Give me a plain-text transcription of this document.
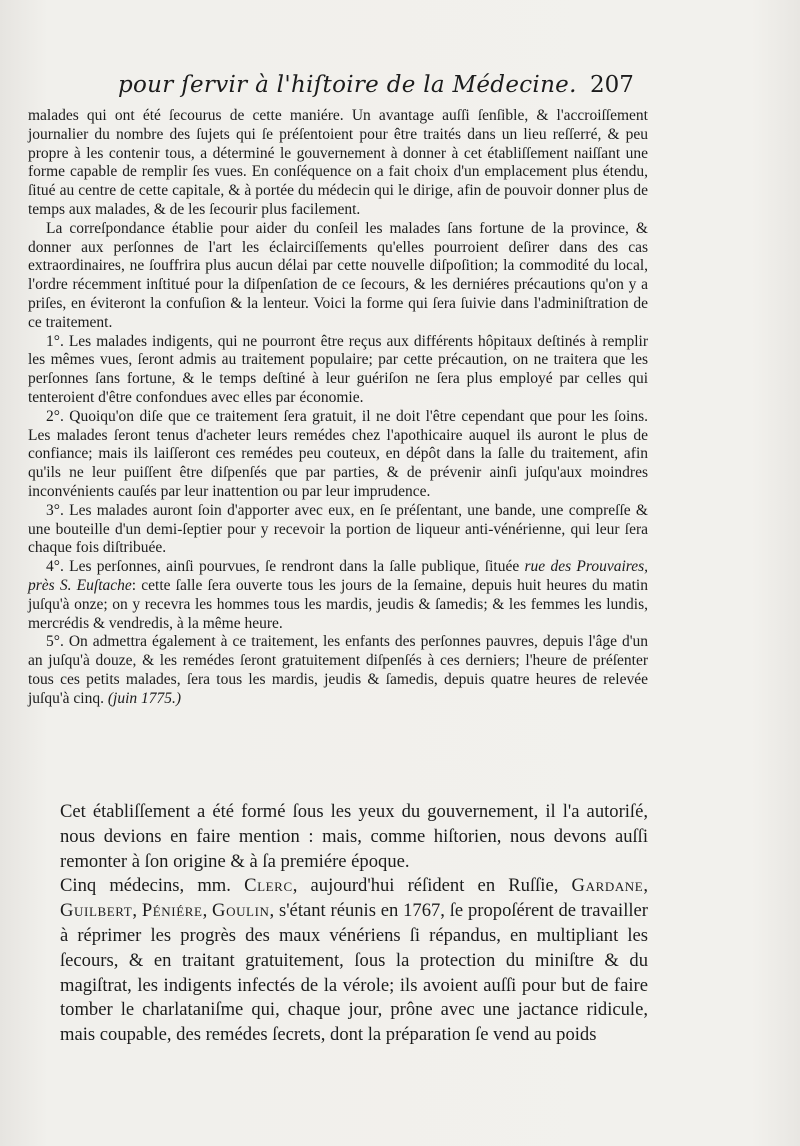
pour ſervir à l'hiſtoire de la Médecine. 207

malades qui ont été ſecourus de cette maniére. Un avantage auſſi ſenſible, & l'accroiſſement journalier du nombre des ſujets qui ſe préſentoient pour être traités dans un lieu reſſerré, & peu propre à les contenir tous, a déterminé le gouvernement à donner à cet établiſſement naiſſant une forme capable de remplir ſes vues. En conſéquence on a fait choix d'un emplacement plus étendu, ſitué au centre de cette capitale, & à portée du médecin qui le dirige, afin de pouvoir donner plus de temps aux malades, & de les ſecourir plus facilement.

La correſpondance établie pour aider du conſeil les malades ſans fortune de la province, & donner aux perſonnes de l'art les éclairciſſements qu'elles pourroient deſirer dans des cas extraordinaires, ne ſouffrira plus aucun délai par cette nouvelle diſpoſition; la commodité du local, l'ordre récemment inſtitué pour la diſpenſation de ce ſecours, & les derniéres précautions qu'on y a priſes, en éviteront la confuſion & la lenteur. Voici la forme qui ſera ſuivie dans l'adminiſtration de ce traitement.

1°. Les malades indigents, qui ne pourront être reçus aux différents hôpitaux deſtinés à remplir les mêmes vues, ſeront admis au traitement populaire; par cette précaution, on ne traitera que les perſonnes ſans fortune, & le temps deſtiné à leur guériſon ne ſera plus employé par celles qui tenteroient d'être confondues avec elles par économie.

2°. Quoiqu'on diſe que ce traitement ſera gratuit, il ne doit l'être cependant que pour les ſoins. Les malades ſeront tenus d'acheter leurs remédes chez l'apothicaire auquel ils auront le plus de confiance; mais ils laiſſeront ces remédes peu couteux, en dépôt dans la ſalle du traitement, afin qu'ils ne leur puiſſent être diſpenſés que par parties, & de prévenir ainſi juſqu'aux moindres inconvénients cauſés par leur inattention ou par leur imprudence.

3°. Les malades auront ſoin d'apporter avec eux, en ſe préſentant, une bande, une compreſſe & une bouteille d'un demi-ſeptier pour y recevoir la portion de liqueur anti-vénérienne, qui leur ſera chaque fois diſtribuée.

4°. Les perſonnes, ainſi pourvues, ſe rendront dans la ſalle publique, ſituée rue des Prouvaires, près S. Euſtache: cette ſalle ſera ouverte tous les jours de la ſemaine, depuis huit heures du matin juſqu'à onze; on y recevra les hommes tous les mardis, jeudis & ſamedis; & les femmes les lundis, mercrédis & vendredis, à la même heure.

5°. On admettra également à ce traitement, les enfants des perſonnes pauvres, depuis l'âge d'un an juſqu'à douze, & les remédes ſeront gratuitement diſpenſés à ces derniers; l'heure de préſenter tous ces petits malades, ſera tous les mardis, jeudis & ſamedis, depuis quatre heures de relevée juſqu'à cinq. (juin 1775.)

Cet établiſſement a été formé ſous les yeux du gouvernement, il l'a autoriſé, nous devions en faire mention : mais, comme hiſtorien, nous devons auſſi remonter à ſon origine & à ſa premiére époque.

Cinq médecins, mm. Clerc, aujourd'hui réſident en Ruſſie, Gardane, Guilbert, Péniére, Goulin, s'étant réunis en 1767, ſe propoſérent de travailler à réprimer les progrès des maux vénériens ſi répandus, en multipliant les ſecours, & en traitant gratuitement, ſous la protection du miniſtre & du magiſtrat, les indigents infectés de la vérole; ils avoient auſſi pour but de faire tomber le charlataniſme qui, chaque jour, prône avec une jactance ridicule, mais coupable, des remédes ſecrets, dont la préparation ſe vend au poids
